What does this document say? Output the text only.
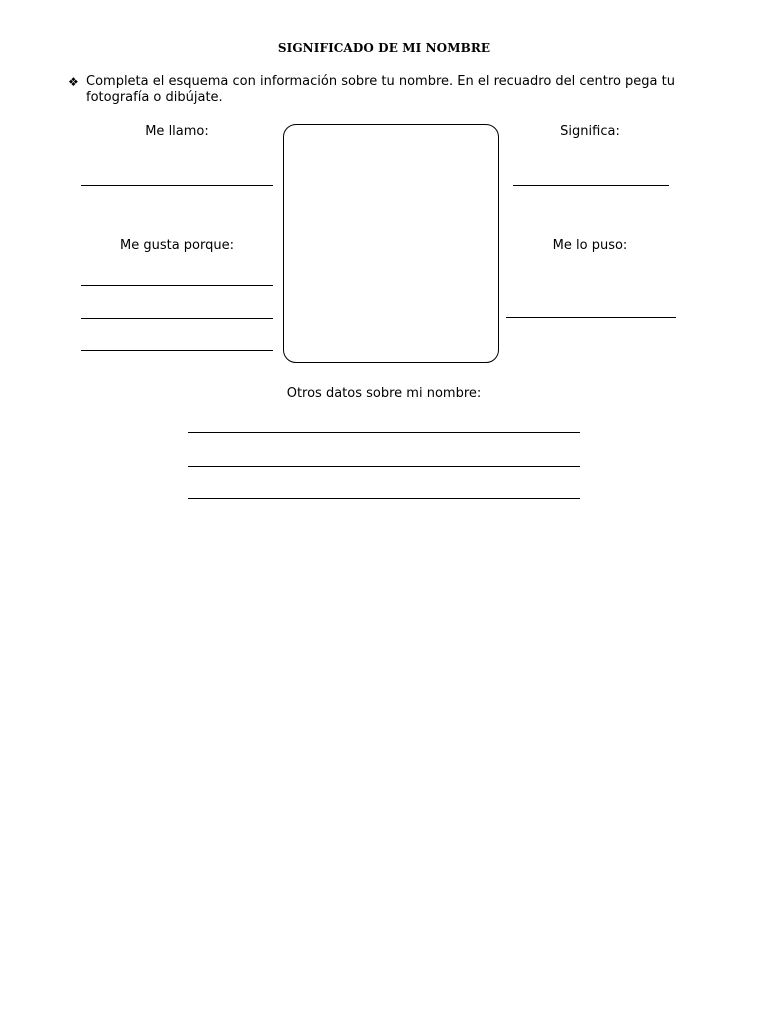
SIGNIFICADO DE MI NOMBRE
❖ Completa el esquema con información sobre tu nombre. En el recuadro del centro pega tu fotografía o dibújate.
Me llamo:
Me gusta porque:
Significa:
Me lo puso:
Otros datos sobre mi nombre:
